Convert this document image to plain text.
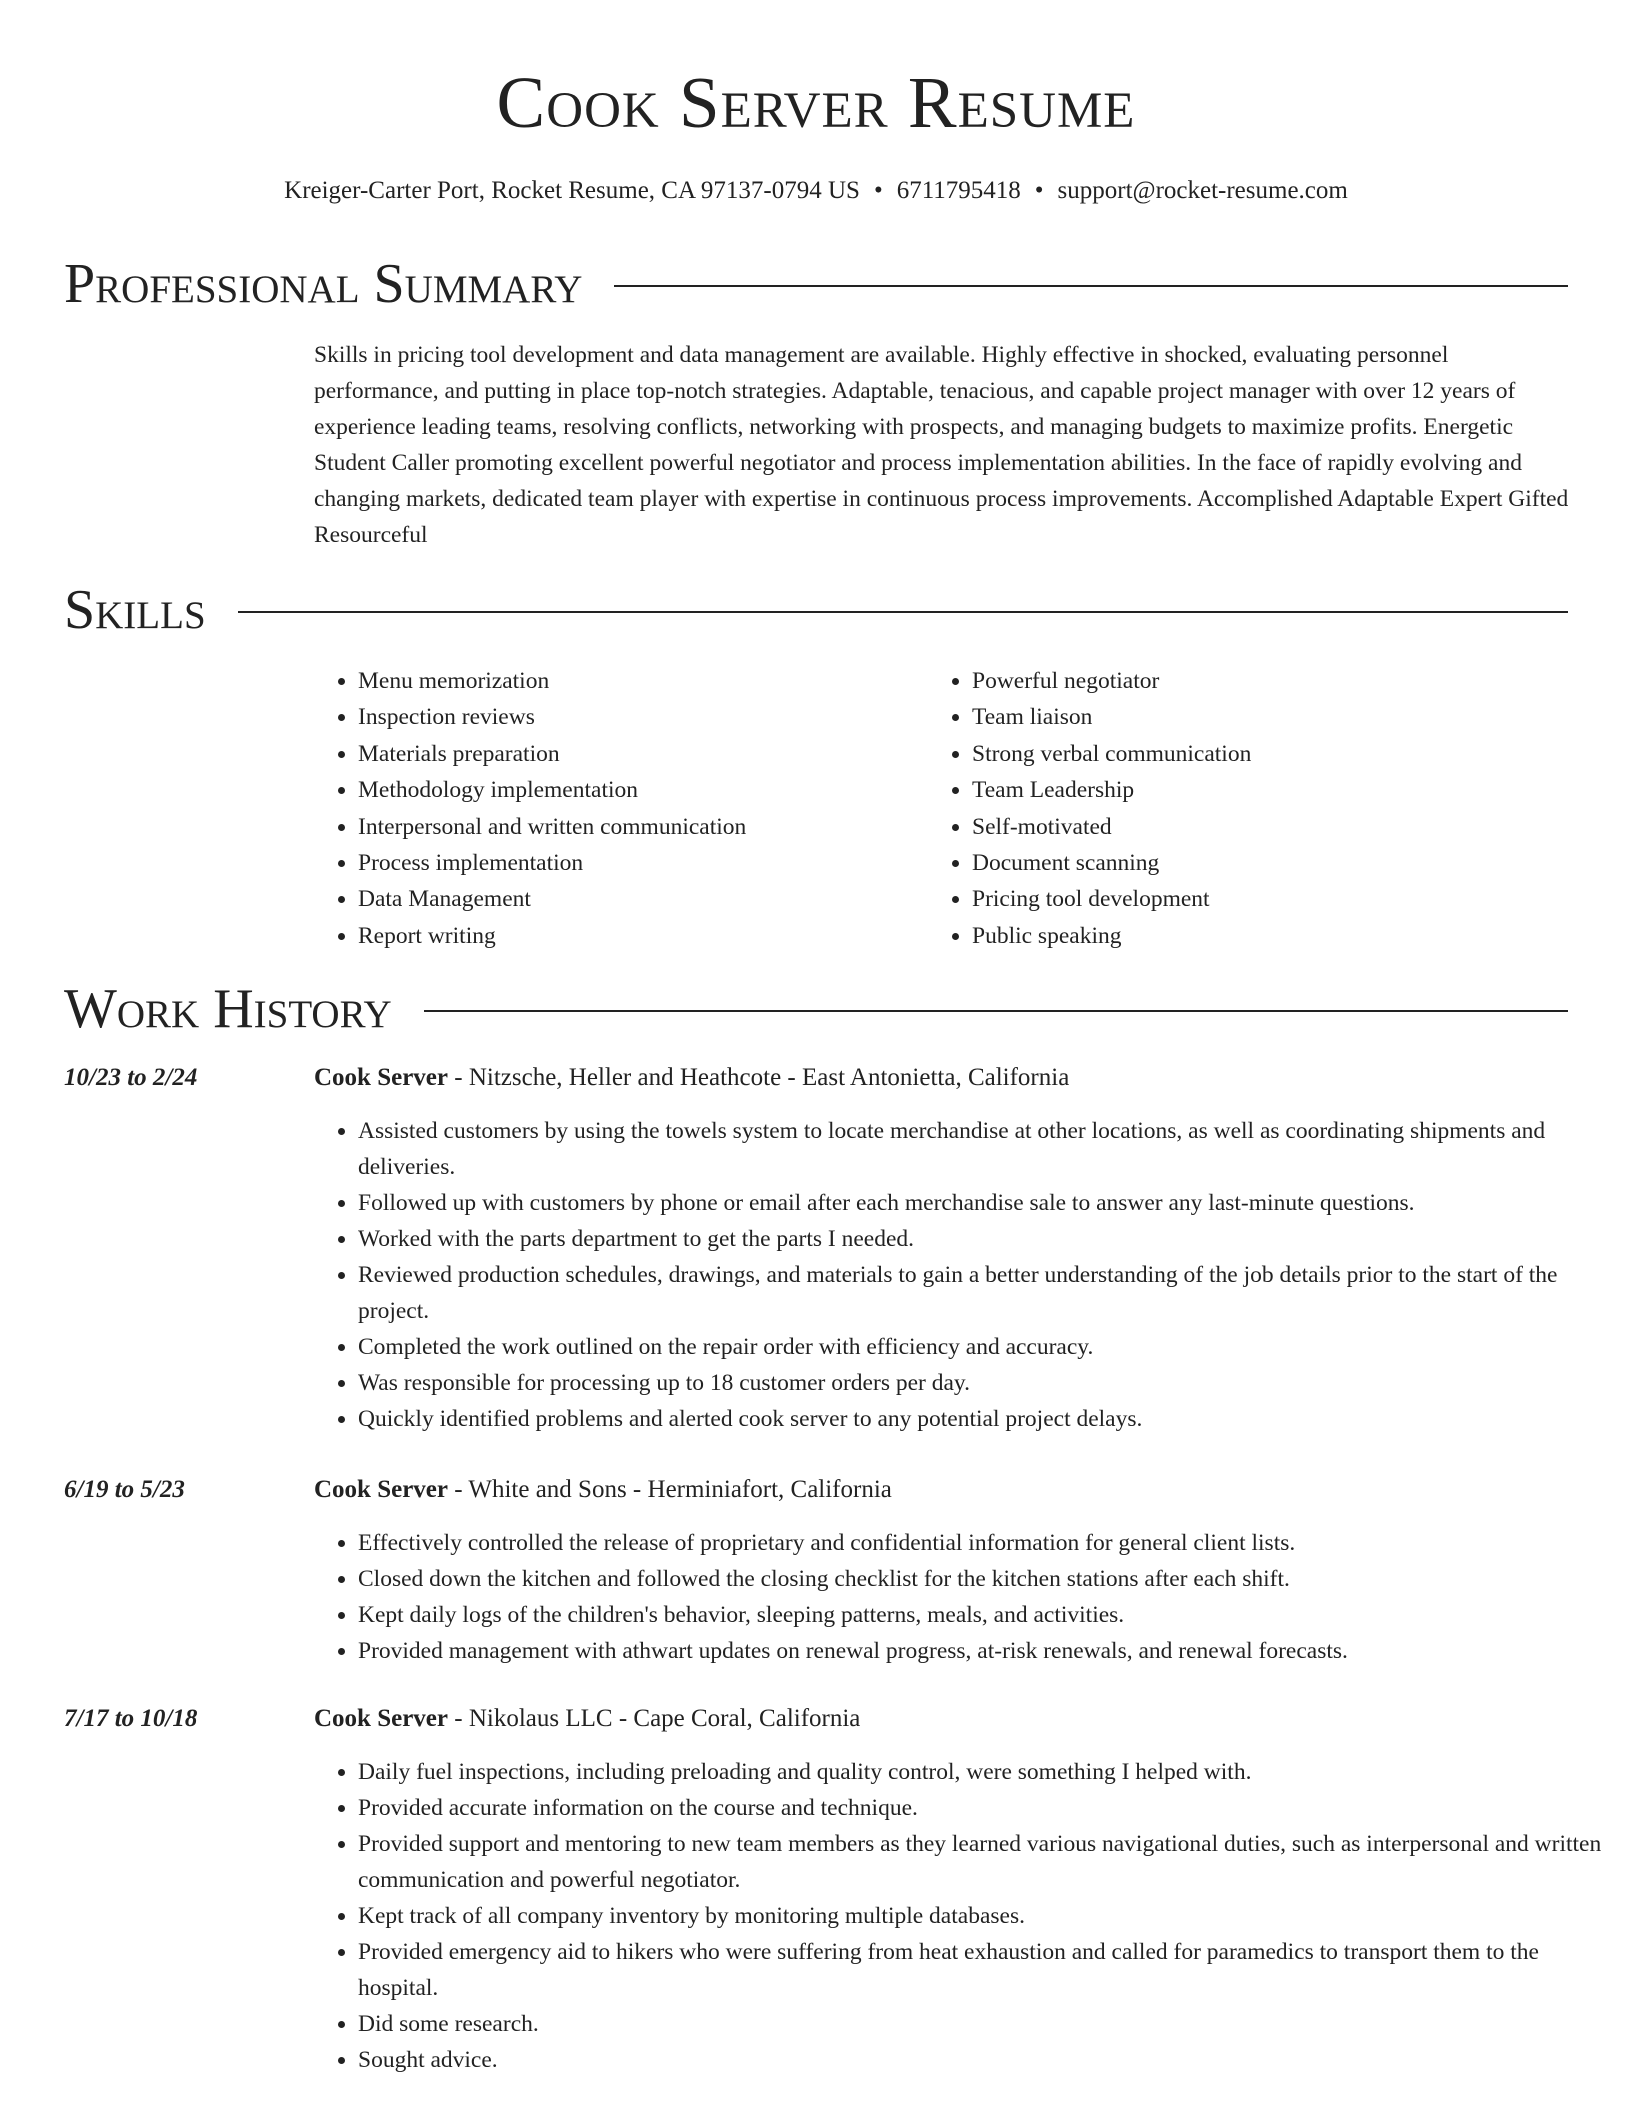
Cook Server Resume
Kreiger-Carter Port, Rocket Resume, CA 97137-0794 US • 6711795418 • support@rocket-resume.com
Professional Summary
Skills in pricing tool development and data management are available. Highly effective in shocked, evaluating personnel performance, and putting in place top-notch strategies. Adaptable, tenacious, and capable project manager with over 12 years of experience leading teams, resolving conflicts, networking with prospects, and managing budgets to maximize profits. Energetic Student Caller promoting excellent powerful negotiator and process implementation abilities. In the face of rapidly evolving and changing markets, dedicated team player with expertise in continuous process improvements. Accomplished Adaptable Expert Gifted Resourceful
Skills
• Menu memorization
• Inspection reviews
• Materials preparation
• Methodology implementation
• Interpersonal and written communication
• Process implementation
• Data Management
• Report writing
• Powerful negotiator
• Team liaison
• Strong verbal communication
• Team Leadership
• Self-motivated
• Document scanning
• Pricing tool development
• Public speaking
Work History
10/23 to 2/24	Cook Server - Nitzsche, Heller and Heathcote - East Antonietta, California
• Assisted customers by using the towels system to locate merchandise at other locations, as well as coordinating shipments and deliveries.
• Followed up with customers by phone or email after each merchandise sale to answer any last-minute questions.
• Worked with the parts department to get the parts I needed.
• Reviewed production schedules, drawings, and materials to gain a better understanding of the job details prior to the start of the project.
• Completed the work outlined on the repair order with efficiency and accuracy.
• Was responsible for processing up to 18 customer orders per day.
• Quickly identified problems and alerted cook server to any potential project delays.
6/19 to 5/23	Cook Server - White and Sons - Herminiafort, California
• Effectively controlled the release of proprietary and confidential information for general client lists.
• Closed down the kitchen and followed the closing checklist for the kitchen stations after each shift.
• Kept daily logs of the children's behavior, sleeping patterns, meals, and activities.
• Provided management with athwart updates on renewal progress, at-risk renewals, and renewal forecasts.
7/17 to 10/18	Cook Server - Nikolaus LLC - Cape Coral, California
• Daily fuel inspections, including preloading and quality control, were something I helped with.
• Provided accurate information on the course and technique.
• Provided support and mentoring to new team members as they learned various navigational duties, such as interpersonal and written communication and powerful negotiator.
• Kept track of all company inventory by monitoring multiple databases.
• Provided emergency aid to hikers who were suffering from heat exhaustion and called for paramedics to transport them to the hospital.
• Did some research.
• Sought advice.
